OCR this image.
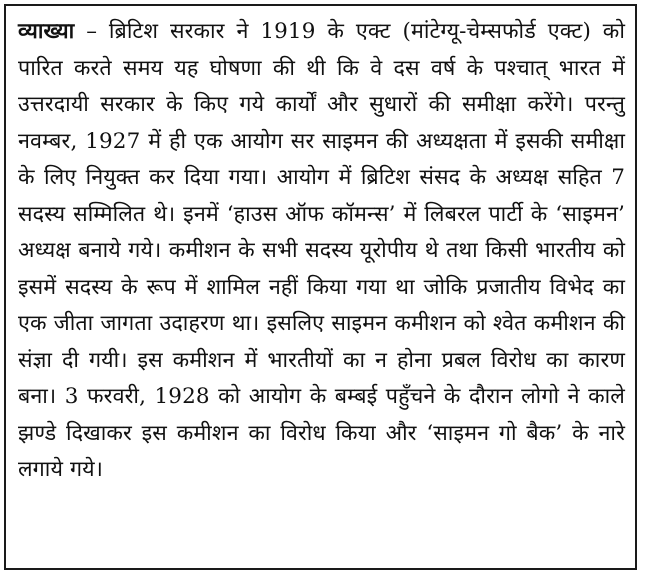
व्याख्या – ब्रिटिश सरकार ने 1919 के एक्ट (मांटेग्यू-चेम्सफोर्ड एक्ट) को पारित करते समय यह घोषणा की थी कि वे दस वर्ष के पश्चात् भारत में उत्तरदायी सरकार के किए गये कार्यों और सुधारों की समीक्षा करेंगे। परन्तु नवम्बर, 1927 में ही एक आयोग सर साइमन की अध्यक्षता में इसकी समीक्षा के लिए नियुक्त कर दिया गया। आयोग में ब्रिटिश संसद के अध्यक्ष सहित 7 सदस्य सम्मिलित थे। इनमें ‘हाउस ऑफ कॉमन्स’ में लिबरल पार्टी के ‘साइमन’ अध्यक्ष बनाये गये। कमीशन के सभी सदस्य यूरोपीय थे तथा किसी भारतीय को इसमें सदस्य के रूप में शामिल नहीं किया गया था जोकि प्रजातीय विभेद का एक जीता जागता उदाहरण था। इसलिए साइमन कमीशन को श्वेत कमीशन की संज्ञा दी गयी। इस कमीशन में भारतीयों का न होना प्रबल विरोध का कारण बना। 3 फरवरी, 1928 को आयोग के बम्बई पहुँचने के दौरान लोगो ने काले झण्डे दिखाकर इस कमीशन का विरोध किया और ‘साइमन गो बैक’ के नारे लगाये गये।
